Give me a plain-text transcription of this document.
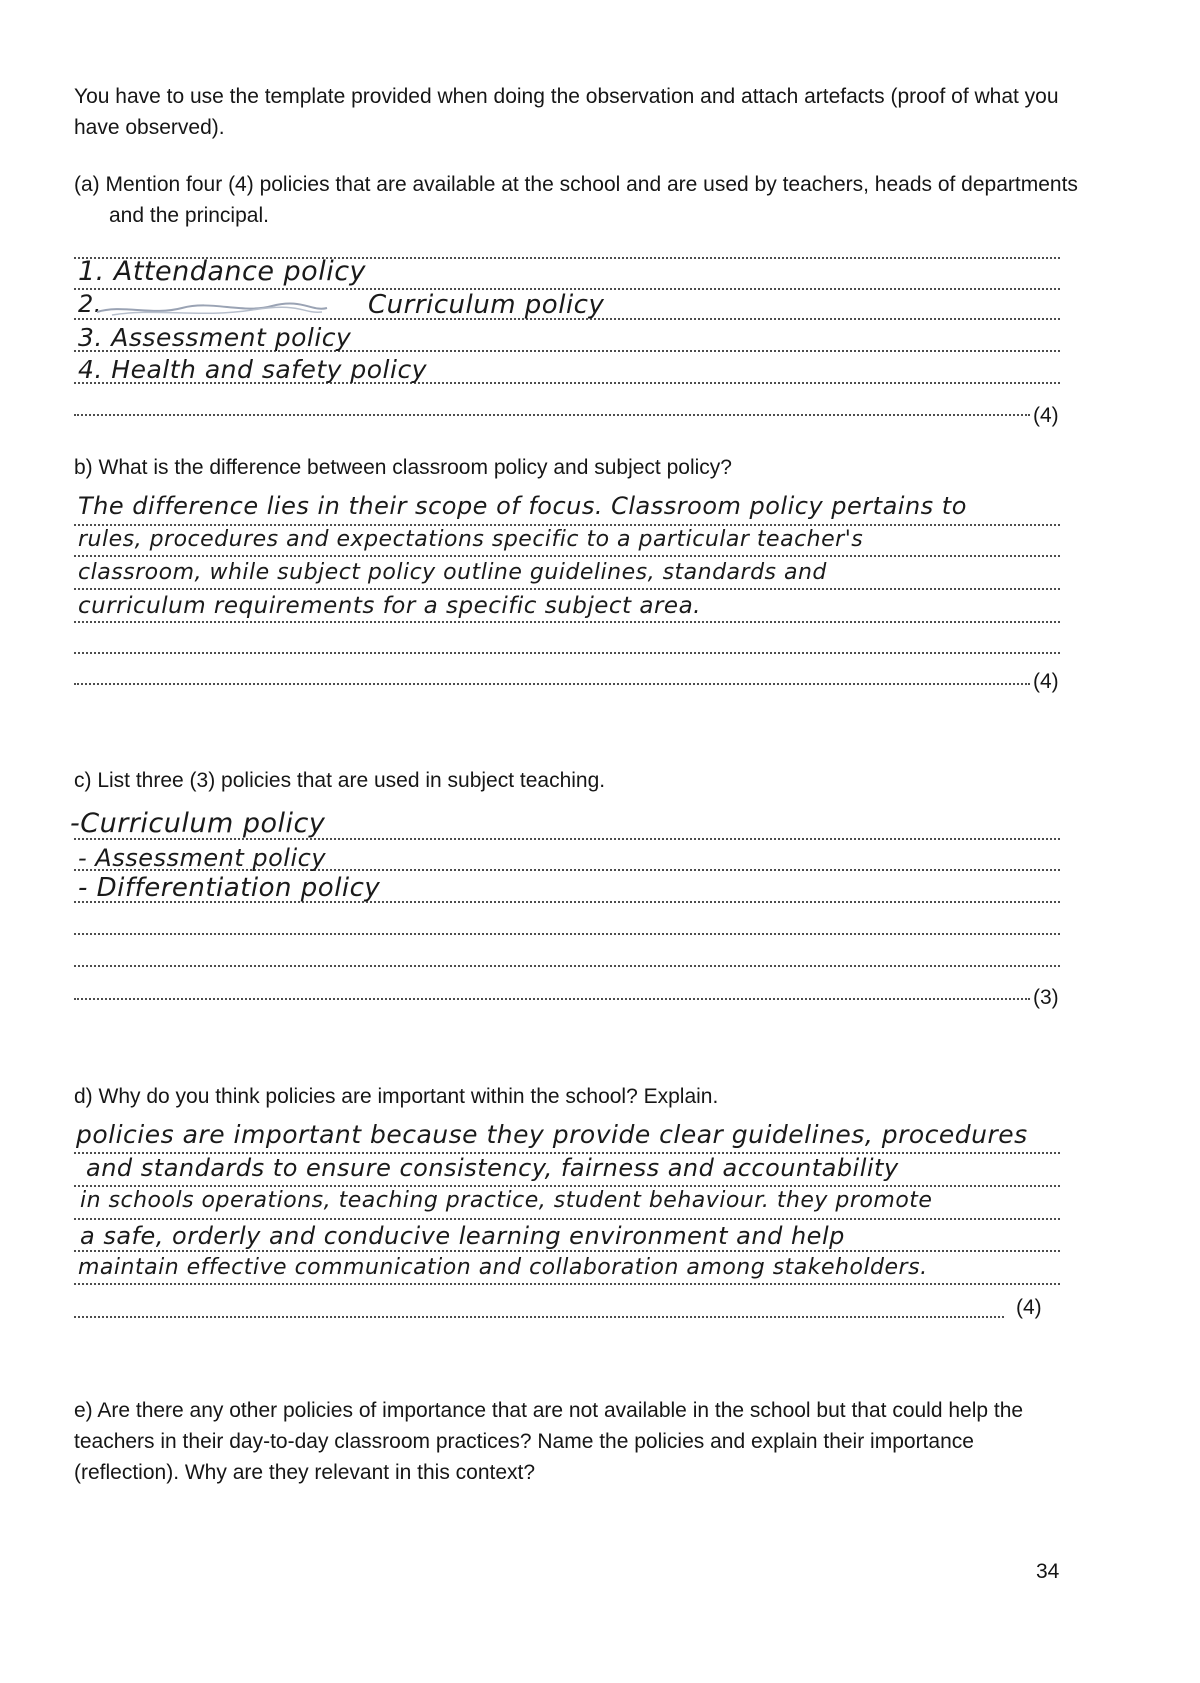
You have to use the template provided when doing the observation and attach artefacts (proof of what you have observed).

(a) Mention four (4) policies that are available at the school and are used by teachers, heads of departments and the principal.

(4)
1. Attendance policy
2.	Curriculum policy
3. Assessment policy
4. Health and safety policy

b) What is the difference between classroom policy and subject policy?

(4)
The difference lies in their scope of focus. Classroom policy pertains to
rules, procedures and expectations specific to a particular teacher's
classroom, while subject policy outline guidelines, standards and
curriculum requirements for a specific subject area.

c) List three (3) policies that are used in subject teaching.

(3)
-Curriculum policy
- Assessment policy
- Differentiation policy

d) Why do you think policies are important within the school? Explain.

(4)
policies are important because they provide clear guidelines, procedures
and standards to ensure consistency, fairness and accountability
in schools operations, teaching practice, student behaviour. they promote
a safe, orderly and conducive learning environment and help
maintain effective communication and collaboration among stakeholders.

e) Are there any other policies of importance that are not available in the school but that could help the teachers in their day-to-day classroom practices? Name the policies and explain their importance (reflection). Why are they relevant in this context?

34
